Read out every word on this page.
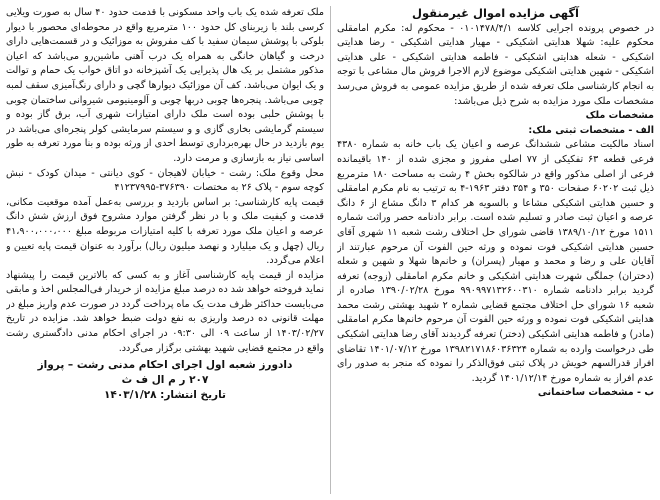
آگهی مزایده اموال غیرمنقول
در خصوص پرونده اجرایی کلاسه ۰۱۰۱۴۷۸/۴/۱ - محکوم له: مکرم امامقلی محکوم علیه: شهلا هدایتی اشکیکی - مهیار هدایتی اشکیکی - رضا هدایتی اشکیکی - شعله هدایتی اشکیکی - فاطمه هدایتی اشکیکی - علی هدایتی اشکیکی - شهین هدایتی اشکیکی موضوع لازم الاجرا فروش مال مشاعی با توجه به انجام کارشناسی ملک تعرفه شده از طریق مزایده عمومی به فروش می‌رسد مشخصات ملک مورد مزایده به شرح ذیل می‌باشد:
مشخصات ملک
الف - مشخصات ثبتی ملک:
اسناد مالکیت مشاعی ششدانگ عرصه و اعیان یک باب خانه به شماره ۴۳۸۰ فرعی قطعه ۶۳ تفکیکی از ۷۷ اصلی مفروز و مجزی شده از ۱۴۰ باقیمانده فرعی از اصلی مذکور واقع در شالکوه بخش ۴ رشت به مساحت ۱۸۰ مترمربع ذیل ثبت ۶۰۲۰۲ صفحات ۳۵۰ و ۳۵۴ دفتر ۱۹۶۳-۴ به ترتیب به نام مکرم امامقلی و حسین هدایتی اشکیکی مشاعا و بالسویه هر کدام ۳ دانگ مشاع از ۶ دانگ عرصه و اعیان ثبت صادر و تسلیم شده است. برابر دادنامه حصر وراثت شماره ۱۵۱۱ مورخ ۱۳۸۹/۱۰/۱۲ قاضی شورای حل اختلاف رشت شعبه ۱۱ شهری آقای حسین هدایتی اشکیکی فوت نموده و ورثه حین الفوت آن مرحوم عبارتند از آقایان علی و رضا و محمد و مهیار (پسران) و خانم‌ها شهلا و شهین و شعله (دختران) جملگی شهرت هدایتی اشکیکی و خانم مکرم امامقلی (زوجه) تعرفه گردید برابر دادنامه شماره ۹۹۰۹۹۷۱۳۲۶۰۰۳۱۰ مورخ ۱۳۹۰/۰۲/۲۸ صادره از شعبه ۱۶ شورای حل اختلاف مجتمع قضایی شماره ۲ شهید بهشتی رشت محمد هدایتی اشکیکی فوت نموده و ورثه حین الفوت آن مرحوم خانم‌ها مکرم امامقلی (مادر) و فاطمه هدایتی اشکیکی (دختر) تعرفه گردیدند آقای رضا هدایتی اشکیکی طی درخواست وارده به شماره ۱۳۹۸۲۱۷۱۸۶۰۳۶۳۲۴ مورخ ۱۴۰۱/۰۷/۱۲ تقاضای افراز قدرالسهم خویش در پلاک ثبتی فوق‌الذکر را نموده که منجر به صدور رای عدم افراز به شماره مورخ ۱۴۰۱/۱۲/۱۴ گردید.
ب - مشخصات ساختمانی
ملک تعرفه شده یک باب واحد مسکونی با قدمت حدود ۴۰ سال به صورت ویلایی کرسی بلند با زیربنای کل حدود ۱۰۰ مترمربع واقع در محوطه‌ای محصور با دیوار بلوکی با پوشش سیمان سفید با کف مفروش به موزائیک و در قسمت‌هایی دارای درخت و گیاهان خانگی به همراه یک درب آهنی ماشین‌رو می‌باشد که اعیان مذکور مشتمل بر یک هال پذیرایی یک آشپزخانه دو اتاق خواب یک حمام و توالت و یک ایوان می‌باشد. کف آن موزائیک دیوارها گچی و دارای رنگ‌آمیزی سقف لمبه چوبی می‌باشد. پنجره‌ها چوبی دربها چوبی و آلومینیومی شیروانی ساختمان چوبی با پوشش حلبی بوده است ملک دارای امتیازات شهری آب، برق گاز بوده و سیستم گرمایشی بخاری گازی و و سیستم سرمایشی کولر پنجره‌ای می‌باشد در یوم بازدید در حال بهره‌برداری توسط احدی از ورثه بوده و بنا مورد تعرفه به طور اساسی نیاز به بازسازی و مرمت دارد.
محل وقوع ملک: رشت - خیابان لاهیجان - کوی دیانتی - میدان کودک - نبش کوچه سوم - پلاک ۲۶ به مختصات ۳۷۶۳۹۰-۴۱۲۳۷۹۹۵
قیمت پایه کارشناسی: بر اساس بازدید و بررسی به‌عمل آمده موقعیت مکانی، قدمت و کیفیت ملک و با در نظر گرفتن موارد مشروح فوق ارزش شش دانگ عرصه و اعیان ملک مورد تعرفه با کلیه امتیازات مربوطه مبلغ ۴۱،۹۰۰،۰۰۰،۰۰۰ ریال (چهل و یک میلیارد و نهصد میلیون ریال) برآورد به عنوان قیمت پایه تعیین و اعلام می‌گردد.
مزایده از قیمت پایه کارشناسی آغاز و به کسی که بالاترین قیمت را پیشنهاد نماید فروخته خواهد شد ده درصد مبلغ مزایده از خریدار فی‌المجلس اخذ و مابقی می‌بایست حداکثر ظرف مدت یک ماه پرداخت گردد در صورت عدم واریز مبلغ در مهلت قانونی ده درصد واریزی به نفع دولت ضبط خواهد شد. مزایده در تاریخ ۱۴۰۳/۰۲/۲۷ از ساعت ۰۹ الی ۰۹:۳۰ در اجرای احکام مدنی دادگستری رشت واقع در مجتمع قضایی شهید بهشتی برگزار می‌گردد.
دادورز شعبه اول اجرای احکام مدنی رشت – پرواز
۲۰۷ ر م ال ف ث
تاریخ انتشار: ۱۴۰۳/۱/۲۸
